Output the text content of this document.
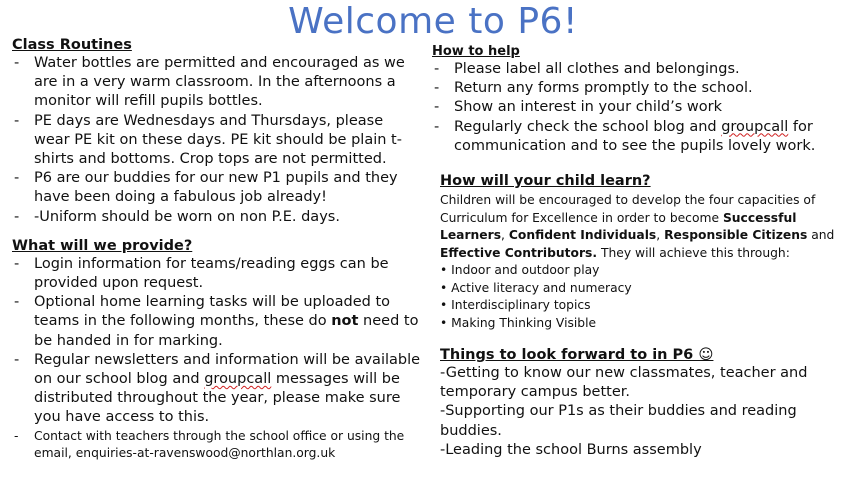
Welcome to P6!

Class Routines

- Water bottles are permitted and encouraged as we are in a very warm classroom. In the afternoons a monitor will refill pupils bottles.
- PE days are Wednesdays and Thursdays, please wear PE kit on these days. PE kit should be plain t-shirts and bottoms. Crop tops are not permitted.
- P6 are our buddies for our new P1 pupils and they have been doing a fabulous job already!
- -Uniform should be worn on non P.E. days.

What will we provide?

- Login information for teams/reading eggs can be provided upon request.
- Optional home learning tasks will be uploaded to teams in the following months, these do not need to be handed in for marking.
- Regular newsletters and information will be available on our school blog and groupcall messages will be distributed throughout the year, please make sure you have access to this.
- Contact with teachers through the school office or using the email, enquiries-at-ravenswood@northlan.org.uk

How to help

- Please label all clothes and belongings.
- Return any forms promptly to the school.
- Show an interest in your child’s work
- Regularly check the school blog and groupcall for communication and to see the pupils lovely work.

How will your child learn?

Children will be encouraged to develop the four capacities of Curriculum for Excellence in order to become Successful Learners, Confident Individuals, Responsible Citizens and Effective Contributors. They will achieve this through:

• Indoor and outdoor play
• Active literacy and numeracy
• Interdisciplinary topics
• Making Thinking Visible

Things to look forward to in P6 ☺

-Getting to know our new classmates, teacher and temporary campus better.

-Supporting our P1s as their buddies and reading buddies.

-Leading the school Burns assembly
